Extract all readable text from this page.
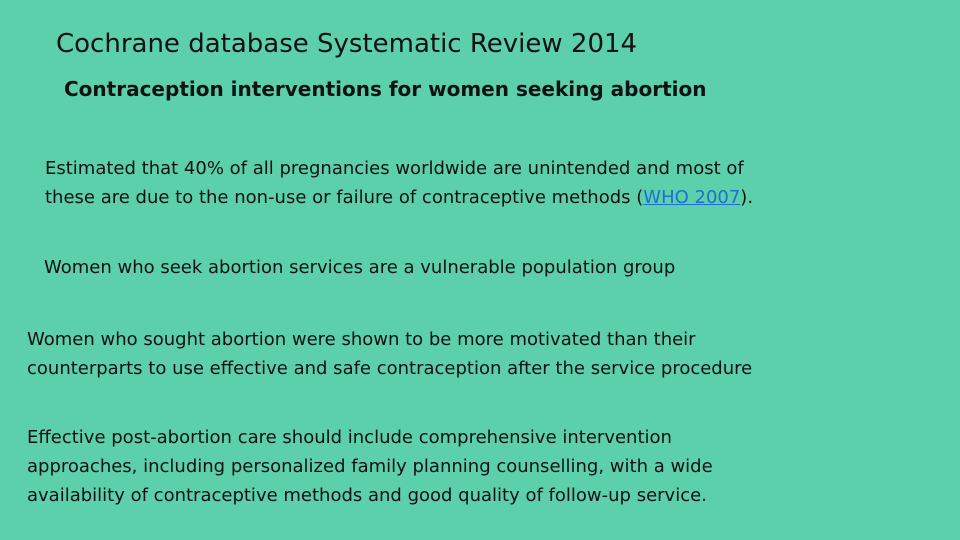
Cochrane database Systematic Review 2014
Contraception interventions for women seeking abortion

Estimated that 40% of all pregnancies worldwide are unintended and most of
these are due to the non-use or failure of contraceptive methods (WHO 2007).

Women who seek abortion services are a vulnerable population group

Women who sought abortion were shown to be more motivated than their
counterparts to use effective and safe contraception after the service procedure

Effective post-abortion care should include comprehensive intervention
approaches, including personalized family planning counselling, with a wide
availability of contraceptive methods and good quality of follow-up service.
